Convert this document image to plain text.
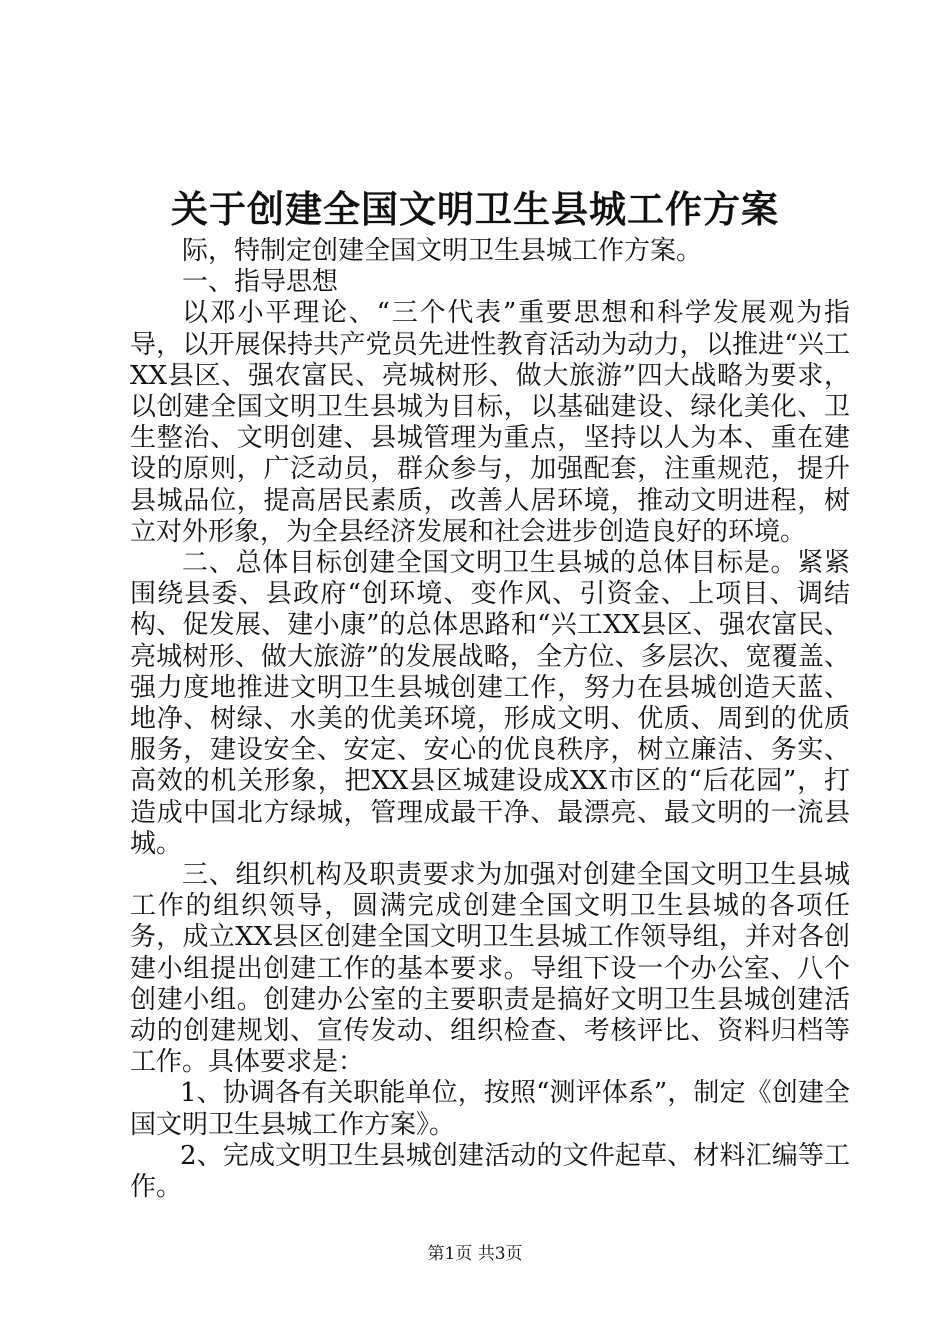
关于创建全国文明卫生县城工作方案

际，特制定创建全国文明卫生县城工作方案。

一、指导思想

以邓小平理论、“三个代表”重要思想和科学发展观为指导，以开展保持共产党员先进性教育活动为动力，以推进“兴工XX县区、强农富民、亮城树形、做大旅游”四大战略为要求，以创建全国文明卫生县城为目标，以基础建设、绿化美化、卫生整治、文明创建、县城管理为重点，坚持以人为本、重在建设的原则，广泛动员，群众参与，加强配套，注重规范，提升县城品位，提高居民素质，改善人居环境，推动文明进程，树立对外形象，为全县经济发展和社会进步创造良好的环境。

二、总体目标创建全国文明卫生县城的总体目标是。紧紧围绕县委、县政府“创环境、变作风、引资金、上项目、调结构、促发展、建小康”的总体思路和“兴工XX县区、强农富民、亮城树形、做大旅游”的发展战略，全方位、多层次、宽覆盖、强力度地推进文明卫生县城创建工作，努力在县城创造天蓝、地净、树绿、水美的优美环境，形成文明、优质、周到的优质服务，建设安全、安定、安心的优良秩序，树立廉洁、务实、高效的机关形象，把XX县区城建设成XX市区的“后花园”，打造成中国北方绿城，管理成最干净、最漂亮、最文明的一流县城。

三、组织机构及职责要求为加强对创建全国文明卫生县城工作的组织领导，圆满完成创建全国文明卫生县城的各项任务，成立XX县区创建全国文明卫生县城工作领导组，并对各创建小组提出创建工作的基本要求。导组下设一个办公室、八个创建小组。创建办公室的主要职责是搞好文明卫生县城创建活动的创建规划、宣传发动、组织检查、考核评比、资料归档等工作。具体要求是：

1、协调各有关职能单位，按照“测评体系”，制定《创建全国文明卫生县城工作方案》。

2、完成文明卫生县城创建活动的文件起草、材料汇编等工作。

第1页 共3页
